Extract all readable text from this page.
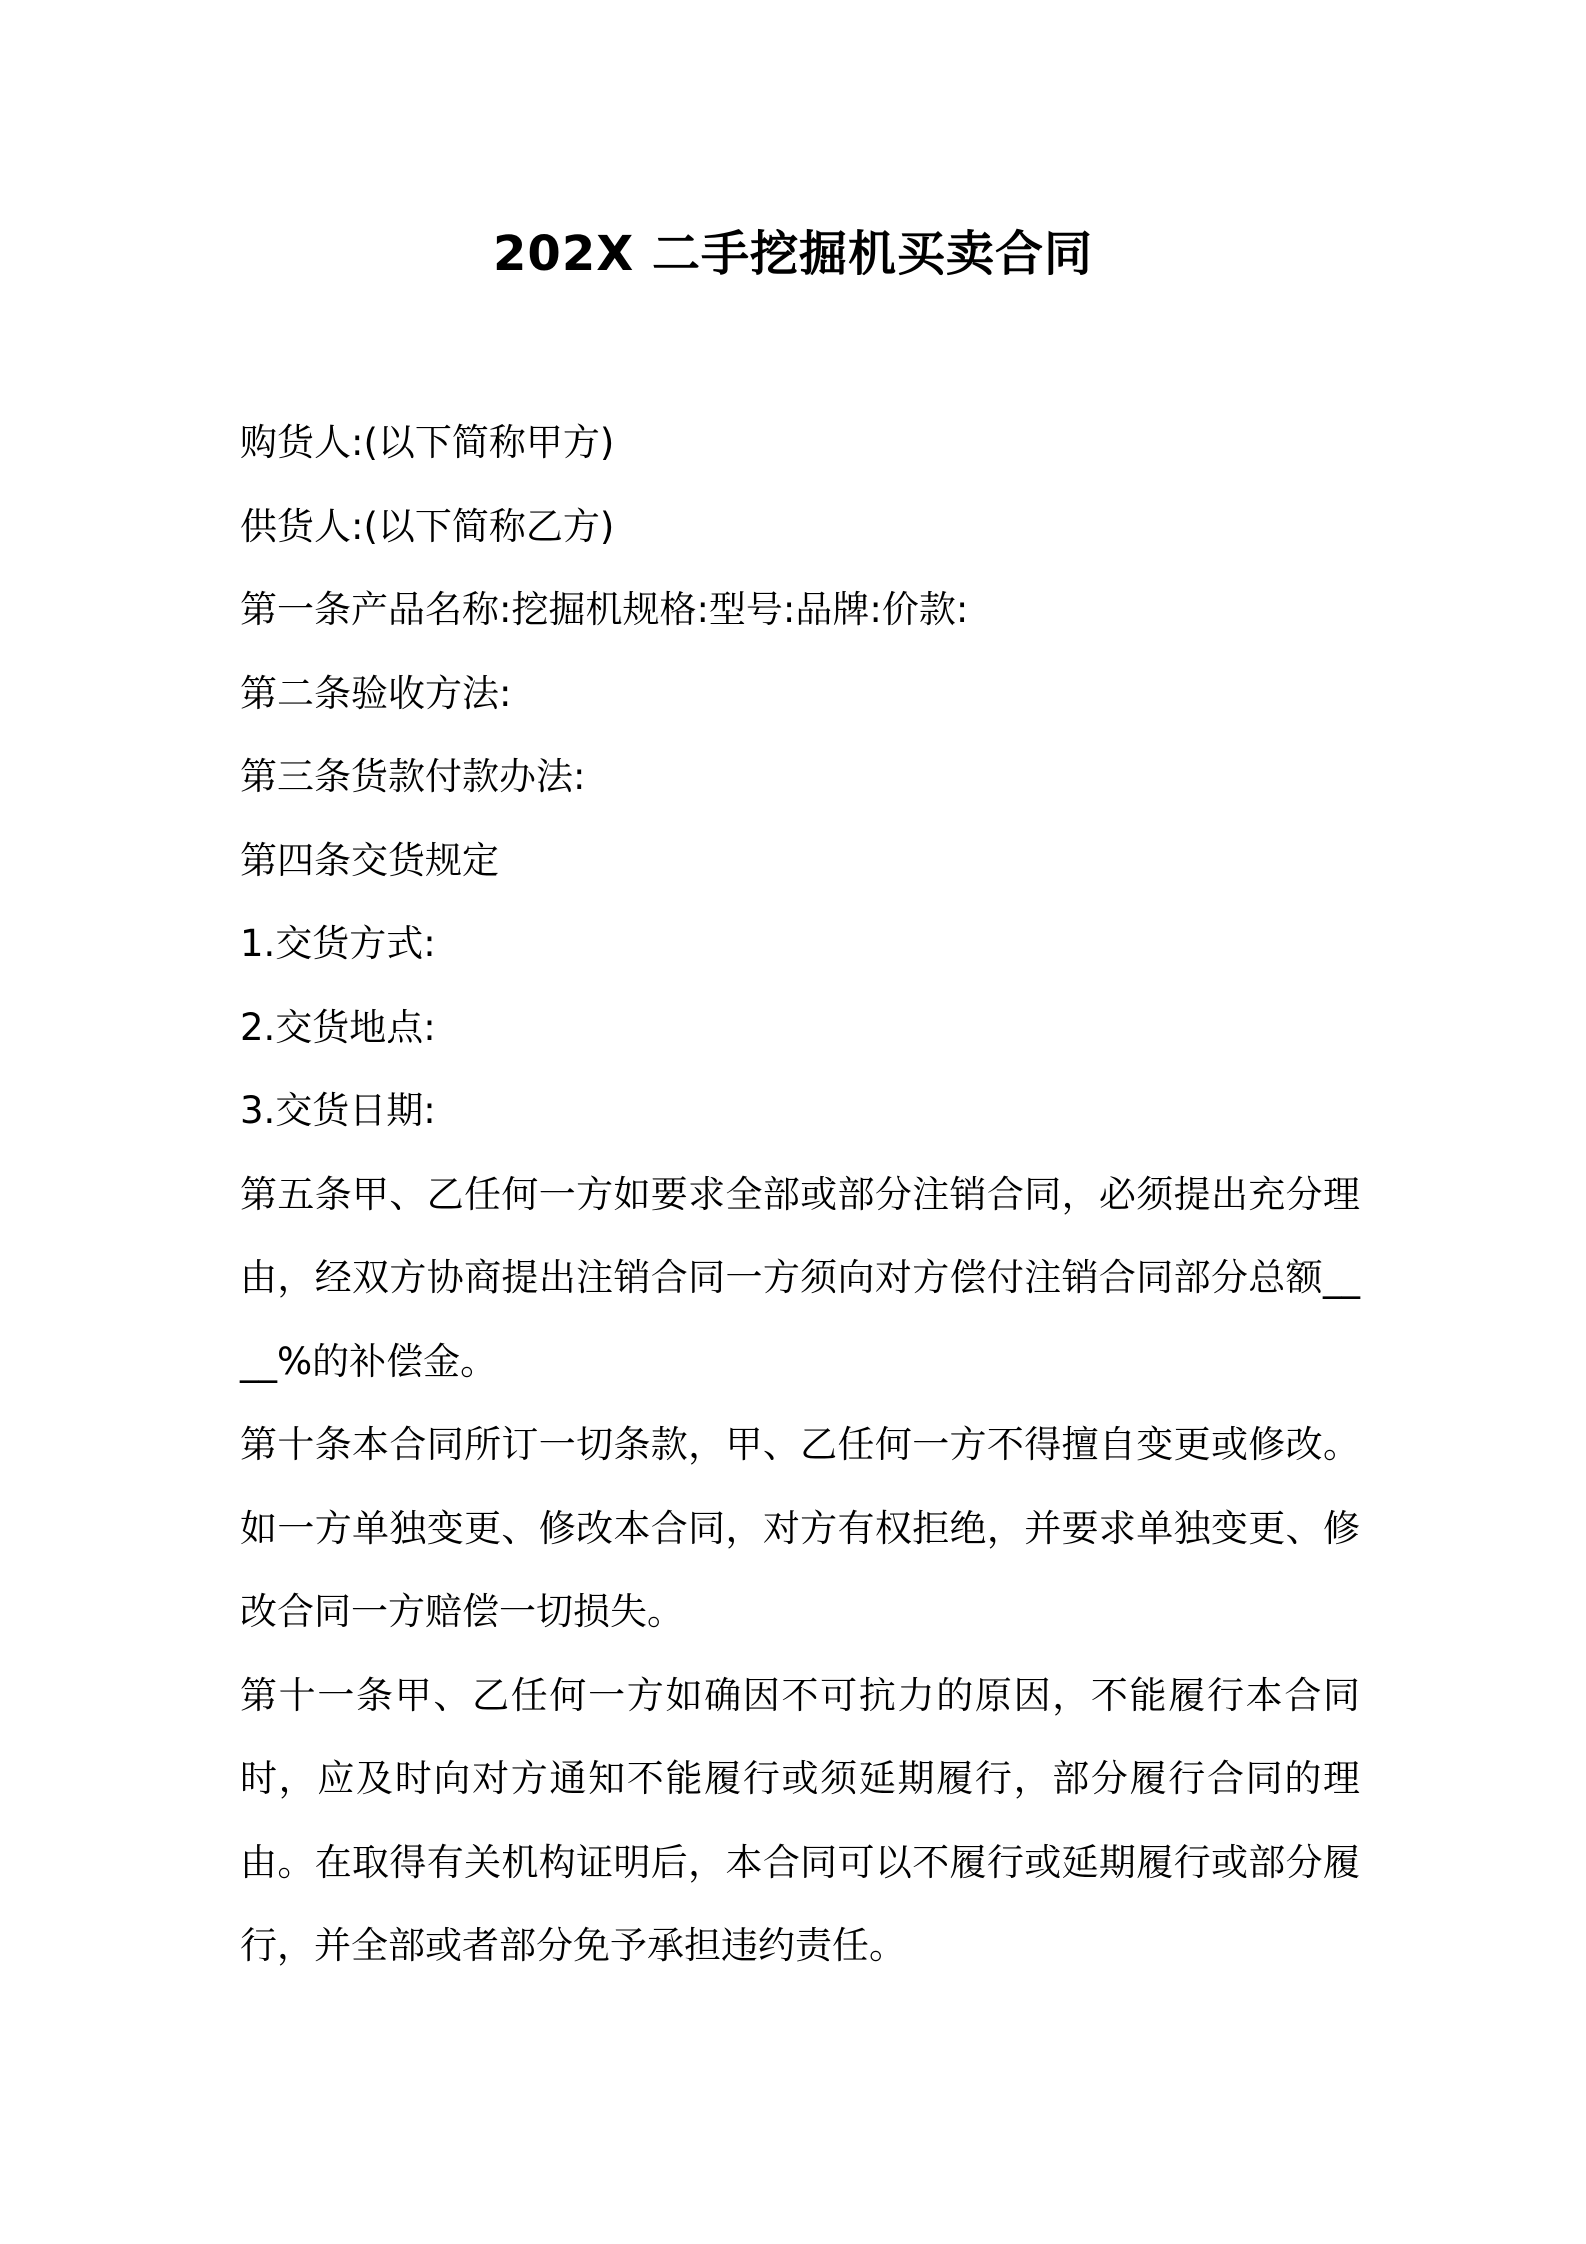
202X 二手挖掘机买卖合同
购货人:(以下简称甲方)
供货人:(以下简称乙方)
第一条产品名称:挖掘机规格:型号:品牌:价款:
第二条验收方法:
第三条货款付款办法:
第四条交货规定
1.交货方式:
2.交货地点:
3.交货日期:
第五条甲、乙任何一方如要求全部或部分注销合同，必须提出充分理由，经双方协商提出注销合同一方须向对方偿付注销合同部分总额____%的补偿金。
第十条本合同所订一切条款，甲、乙任何一方不得擅自变更或修改。如一方单独变更、修改本合同，对方有权拒绝，并要求单独变更、修改合同一方赔偿一切损失。
第十一条甲、乙任何一方如确因不可抗力的原因，不能履行本合同时，应及时向对方通知不能履行或须延期履行，部分履行合同的理由。在取得有关机构证明后，本合同可以不履行或延期履行或部分履行，并全部或者部分免予承担违约责任。
